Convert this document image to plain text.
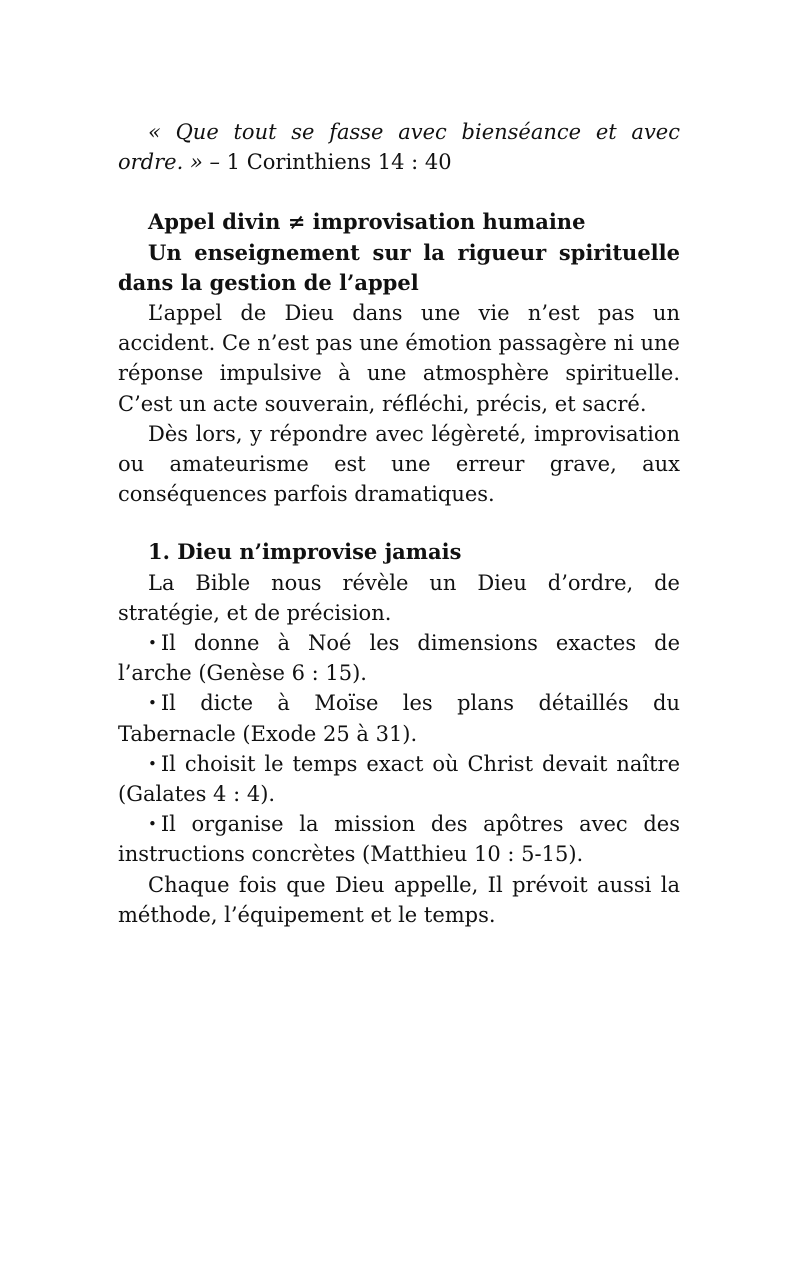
« Que tout se fasse avec bienséance et avec ordre. » – 1 Corinthiens 14 : 40

Appel divin ≠ improvisation humaine

Un enseignement sur la rigueur spirituelle dans la gestion de l’appel

L’appel de Dieu dans une vie n’est pas un accident. Ce n’est pas une émotion passagère ni une réponse impulsive à une atmosphère spirituelle. C’est un acte souverain, réfléchi, précis, et sacré.

Dès lors, y répondre avec légèreté, improvisation ou amateurisme est une erreur grave, aux conséquences parfois dramatiques.

1. Dieu n’improvise jamais

La Bible nous révèle un Dieu d’ordre, de stratégie, et de précision.

• Il donne à Noé les dimensions exactes de l’arche (Genèse 6 : 15).

• Il dicte à Moïse les plans détaillés du Tabernacle (Exode 25 à 31).

• Il choisit le temps exact où Christ devait naître (Galates 4 : 4).

• Il organise la mission des apôtres avec des instructions concrètes (Matthieu 10 : 5-15).

Chaque fois que Dieu appelle, Il prévoit aussi la méthode, l’équipement et le temps.
